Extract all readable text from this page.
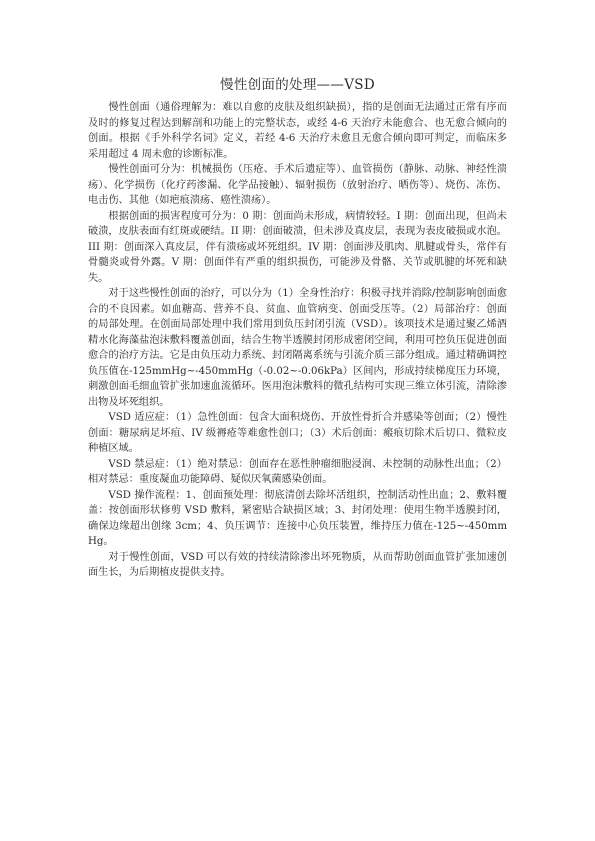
慢性创面的处理——VSD

慢性创面（通俗理解为：难以自愈的皮肤及组织缺损），指的是创面无法通过正常有序而及时的修复过程达到解剖和功能上的完整状态，或经 4-6 天治疗未能愈合、也无愈合倾向的创面。根据《手外科学名词》定义，若经 4-6 天治疗未愈且无愈合倾向即可判定，而临床多采用超过 4 周未愈的诊断标准。

慢性创面可分为：机械损伤（压疮、手术后遗症等）、血管损伤（静脉、动脉、神经性溃疡）、化学损伤（化疗药渗漏、化学品接触）、辐射损伤（放射治疗、晒伤等）、烧伤、冻伤、电击伤、其他（如疤痕溃疡、癌性溃疡）。

根据创面的损害程度可分为：0 期：创面尚未形成，病情较轻。I 期：创面出现，但尚未破溃，皮肤表面有红斑或硬结。II 期：创面破溃，但未涉及真皮层，表现为表皮破损或水泡。III 期：创面深入真皮层，伴有溃疡或坏死组织。IV 期：创面涉及肌肉、肌腱或骨头，常伴有骨髓炎或骨外露。V 期：创面伴有严重的组织损伤，可能涉及骨骼、关节或肌腱的坏死和缺失。

对于这些慢性创面的治疗，可以分为（1）全身性治疗：积极寻找并消除/控制影响创面愈合的不良因素。如血糖高、营养不良、贫血、血管病变、创面受压等。（2）局部治疗：创面的局部处理。在创面局部处理中我们常用到负压封闭引流（VSD）。该项技术是通过聚乙烯酒精水化海藻盐泡沫敷料覆盖创面，结合生物半透膜封闭形成密闭空间，利用可控负压促进创面愈合的治疗方法。它是由负压动力系统、封闭隔离系统与引流介质三部分组成。通过精确调控负压值在-125mmHg~-450mmHg（-0.02~-0.06kPa）区间内，形成持续梯度压力环境，刺激创面毛细血管扩张加速血流循环。医用泡沫敷料的微孔结构可实现三维立体引流，清除渗出物及坏死组织。

VSD 适应症：（1）急性创面：包含大面积烧伤、开放性骨折合并感染等创面；（2）慢性创面：糖尿病足坏疽、IV 级褥疮等难愈性创口；（3）术后创面：瘢痕切除术后切口、微粒皮种植区域。

VSD 禁忌症：（1）绝对禁忌：创面存在恶性肿瘤细胞浸润、未控制的动脉性出血；（2）相对禁忌：重度凝血功能障碍、疑似厌氧菌感染创面。

VSD 操作流程：1、创面预处理：彻底清创去除坏活组织，控制活动性出血；2、敷料覆盖：按创面形状修剪 VSD 敷料，紧密贴合缺损区域；3、封闭处理：使用生物半透膜封闭，确保边缘超出创缘 3cm；4、负压调节：连接中心负压装置，维持压力值在-125~-450mmHg。

对于慢性创面，VSD 可以有效的持续清除渗出坏死物质，从而帮助创面血管扩张加速创面生长，为后期植皮提供支持。
